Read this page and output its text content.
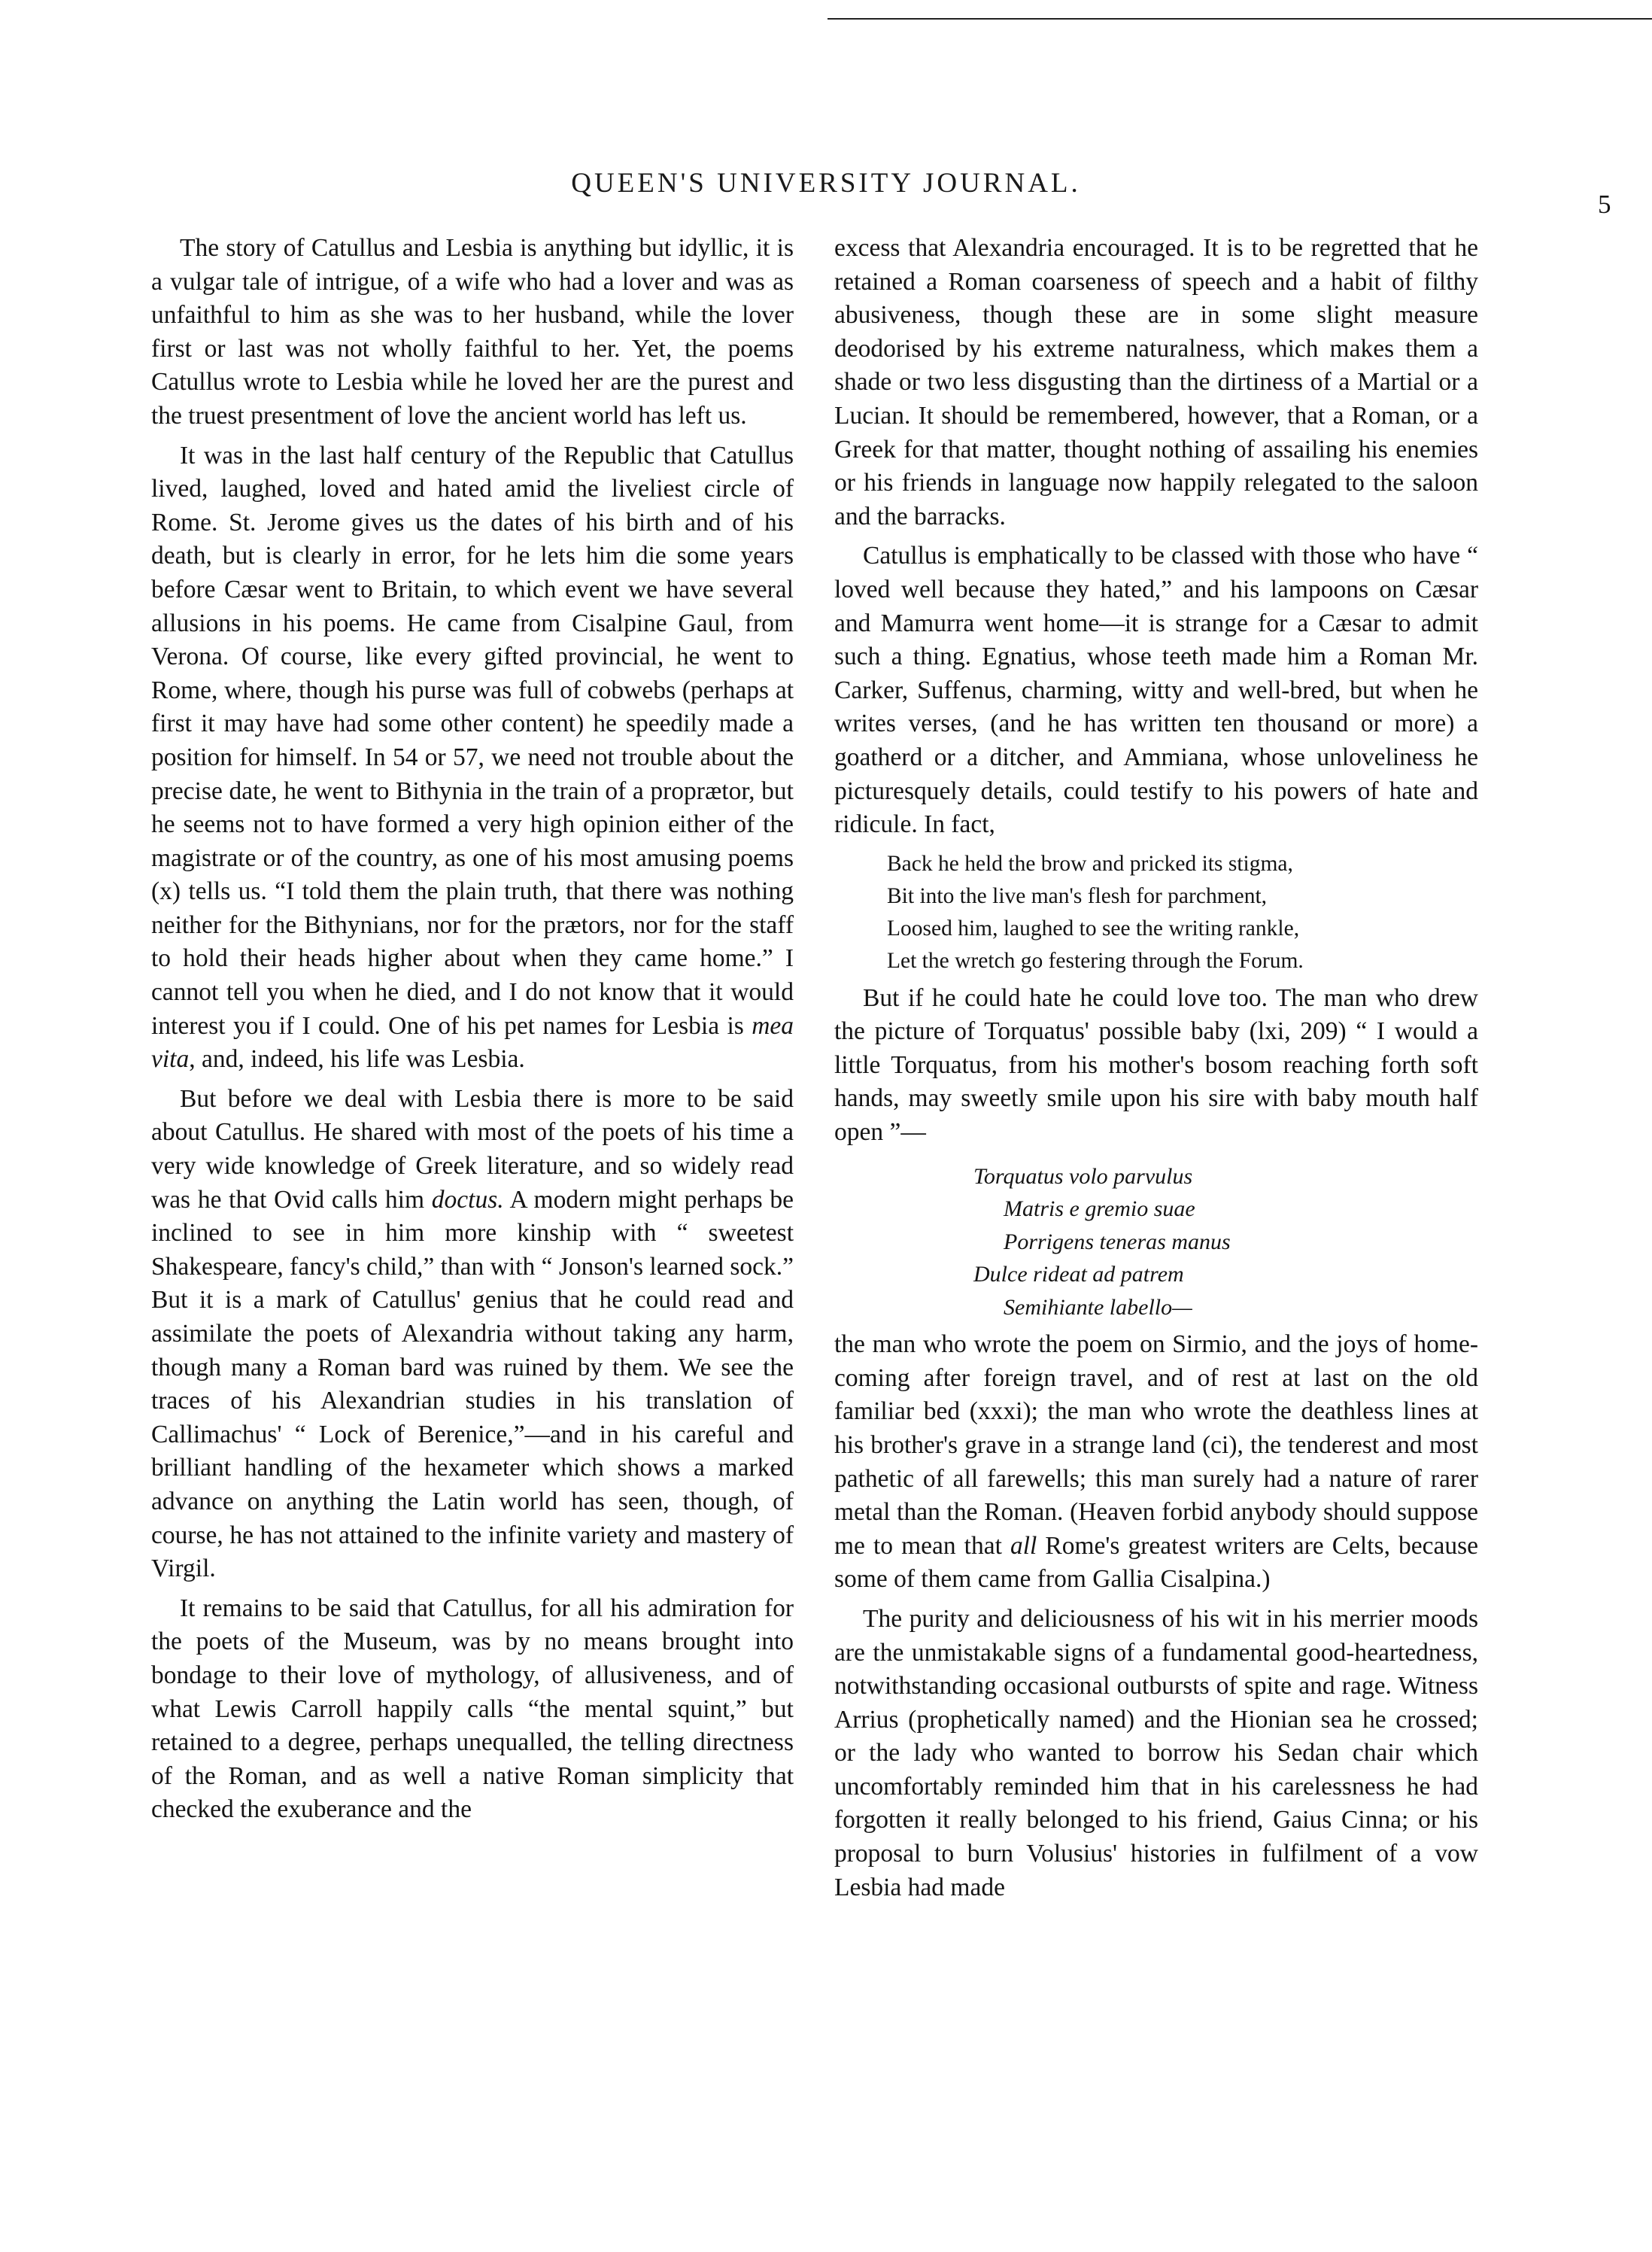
QUEEN'S UNIVERSITY JOURNAL.
5

The story of Catullus and Lesbia is anything but idyllic, it is a vulgar tale of intrigue, of a wife who had a lover and was as unfaithful to him as she was to her husband, while the lover first or last was not wholly faithful to her. Yet, the poems Catullus wrote to Lesbia while he loved her are the purest and the truest presentment of love the ancient world has left us.

It was in the last half century of the Republic that Catullus lived, laughed, loved and hated amid the liveliest circle of Rome. St. Jerome gives us the dates of his birth and of his death, but is clearly in error, for he lets him die some years before Cæsar went to Britain, to which event we have several allusions in his poems. He came from Cisalpine Gaul, from Verona. Of course, like every gifted provincial, he went to Rome, where, though his purse was full of cobwebs (perhaps at first it may have had some other content) he speedily made a position for himself. In 54 or 57, we need not trouble about the precise date, he went to Bithynia in the train of a proprætor, but he seems not to have formed a very high opinion either of the magistrate or of the country, as one of his most amusing poems (x) tells us. “I told them the plain truth, that there was nothing neither for the Bithynians, nor for the prætors, nor for the staff to hold their heads higher about when they came home.” I cannot tell you when he died, and I do not know that it would interest you if I could. One of his pet names for Lesbia is mea vita, and, indeed, his life was Lesbia.

But before we deal with Lesbia there is more to be said about Catullus. He shared with most of the poets of his time a very wide knowledge of Greek literature, and so widely read was he that Ovid calls him doctus. A modern might perhaps be inclined to see in him more kinship with “ sweetest Shakespeare, fancy's child,” than with “ Jonson's learned sock.” But it is a mark of Catullus' genius that he could read and assimilate the poets of Alexandria without taking any harm, though many a Roman bard was ruined by them. We see the traces of his Alexandrian studies in his translation of Callimachus' “ Lock of Berenice,”—and in his careful and brilliant handling of the hexameter which shows a marked advance on anything the Latin world has seen, though, of course, he has not attained to the infinite variety and mastery of Virgil.

It remains to be said that Catullus, for all his admiration for the poets of the Museum, was by no means brought into bondage to their love of mythology, of allusiveness, and of what Lewis Carroll happily calls “the mental squint,” but retained to a degree, perhaps unequalled, the telling directness of the Roman, and as well a native Roman simplicity that checked the exuberance and the

excess that Alexandria encouraged. It is to be regretted that he retained a Roman coarseness of speech and a habit of filthy abusiveness, though these are in some slight measure deodorised by his extreme naturalness, which makes them a shade or two less disgusting than the dirtiness of a Martial or a Lucian. It should be remembered, however, that a Roman, or a Greek for that matter, thought nothing of assailing his enemies or his friends in language now happily relegated to the saloon and the barracks.

Catullus is emphatically to be classed with those who have “ loved well because they hated,” and his lampoons on Cæsar and Mamurra went home—it is strange for a Cæsar to admit such a thing. Egnatius, whose teeth made him a Roman Mr. Carker, Suffenus, charming, witty and well-bred, but when he writes verses, (and he has written ten thousand or more) a goatherd or a ditcher, and Ammiana, whose unloveliness he picturesquely details, could testify to his powers of hate and ridicule. In fact,

Back he held the brow and pricked its stigma,
Bit into the live man's flesh for parchment,
Loosed him, laughed to see the writing rankle,
Let the wretch go festering through the Forum.

But if he could hate he could love too. The man who drew the picture of Torquatus' possible baby (lxi, 209) “ I would a little Torquatus, from his mother's bosom reaching forth soft hands, may sweetly smile upon his sire with baby mouth half open ”—

Torquatus volo parvulus
Matris e gremio suae
Porrigens teneras manus
Dulce rideat ad patrem
Semihiante labello—

the man who wrote the poem on Sirmio, and the joys of home-coming after foreign travel, and of rest at last on the old familiar bed (xxxi); the man who wrote the deathless lines at his brother's grave in a strange land (ci), the tenderest and most pathetic of all farewells; this man surely had a nature of rarer metal than the Roman. (Heaven forbid anybody should suppose me to mean that all Rome's greatest writers are Celts, because some of them came from Gallia Cisalpina.)

The purity and deliciousness of his wit in his merrier moods are the unmistakable signs of a fundamental good-heartedness, notwithstanding occasional outbursts of spite and rage. Witness Arrius (prophetically named) and the Hionian sea he crossed; or the lady who wanted to borrow his Sedan chair which uncomfortably reminded him that in his carelessness he had forgotten it really belonged to his friend, Gaius Cinna; or his proposal to burn Volusius' histories in fulfilment of a vow Lesbia had made
